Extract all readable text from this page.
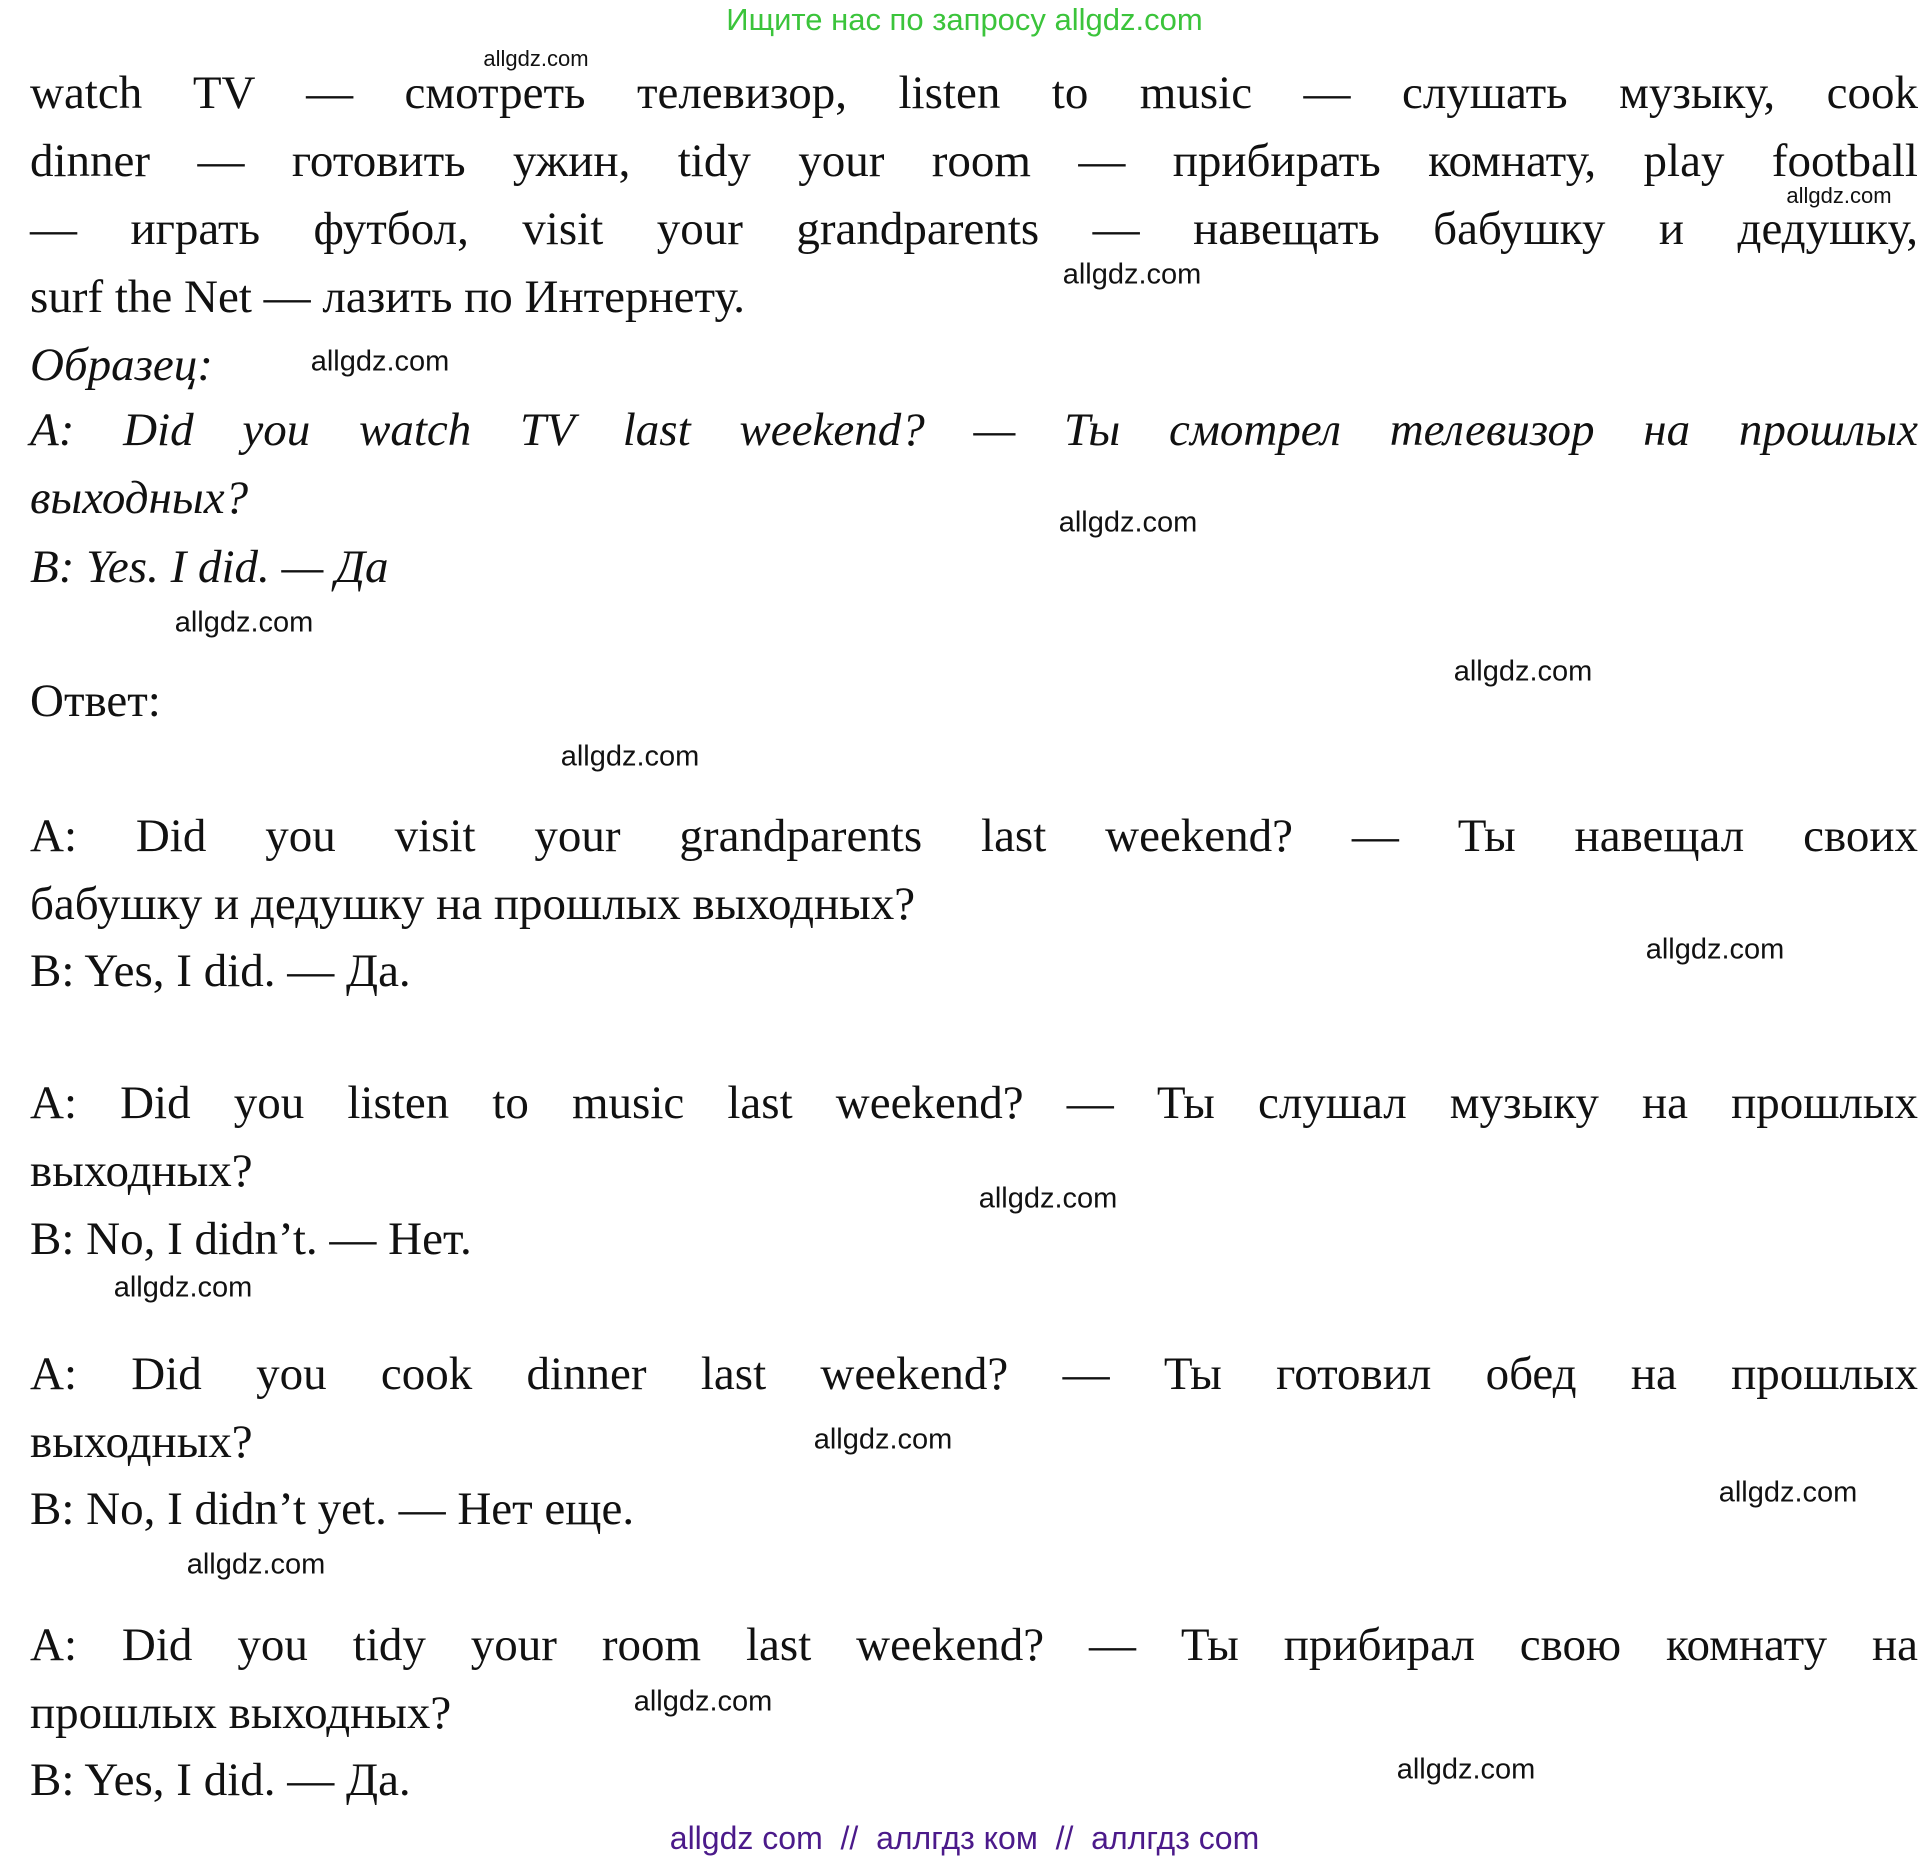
Ищите нас по запросу allgdz.com
watch TV — смотреть телевизор, listen to music — слушать музыку, cook
dinner — готовить ужин, tidy your room — прибирать комнату, play football
— играть футбол, visit your grandparents — навещать бабушку и дедушку,
surf the Net — лазить по Интернету.
Образец:
A: Did you watch TV last weekend? — Ты смотрел телевизор на прошлых
выходных?
B: Yes. I did. — Да
Ответ:
A: Did you visit your grandparents last weekend? — Ты навещал своих
бабушку и дедушку на прошлых выходных?
B: Yes, I did. — Да.
A: Did you listen to music last weekend? — Ты слушал музыку на прошлых
выходных?
B: No, I didn’t. — Нет.
A: Did you cook dinner last weekend? — Ты готовил обед на прошлых
выходных?
B: No, I didn’t yet. — Нет еще.
A: Did you tidy your room last weekend? — Ты прибирал свою комнату на
прошлых выходных?
B: Yes, I did. — Да.
allgdz.com
allgdz.com
allgdz.com
allgdz.com
allgdz.com
allgdz.com
allgdz.com
allgdz.com
allgdz.com
allgdz.com
allgdz.com
allgdz.com
allgdz.com
allgdz.com
allgdz.com
allgdz.com
allgdz com  //  аллгдз ком  //  аллгдз com
